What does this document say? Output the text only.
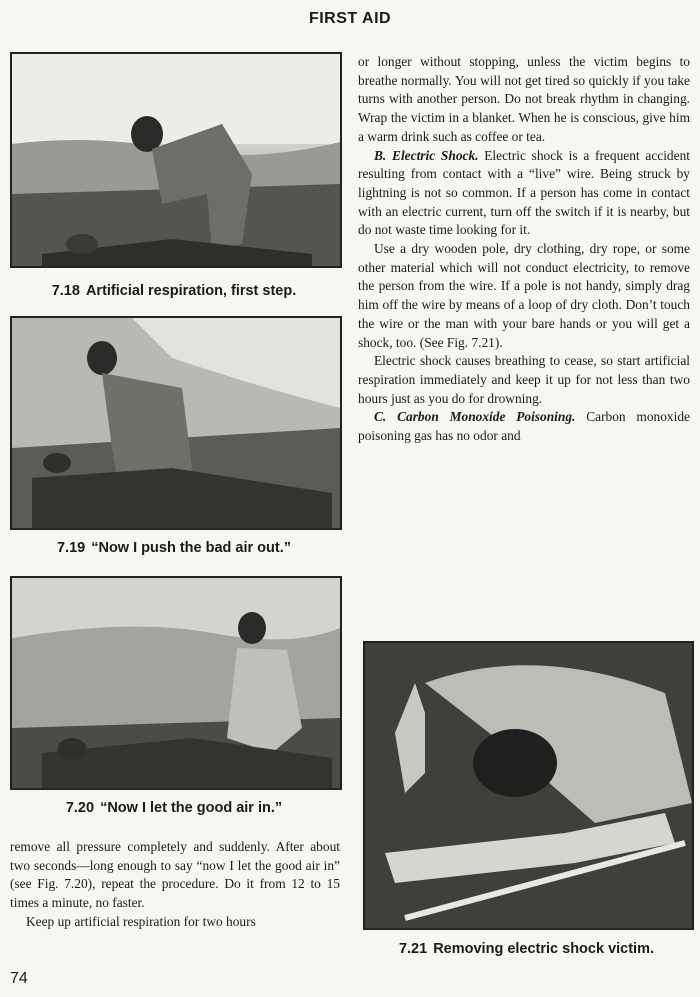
FIRST AID
7.18 Artificial respiration, first step.
7.19 “Now I push the bad air out.”
7.20 “Now I let the good air in.”
7.21 Removing electric shock victim.

remove all pressure completely and suddenly. After about two seconds—long enough to say “now I let the good air in” (see Fig. 7.20), repeat the procedure. Do it from 12 to 15 times a minute, no faster.

Keep up artificial respiration for two hours

or longer without stopping, unless the victim begins to breathe normally. You will not get tired so quickly if you take turns with another person. Do not break rhythm in changing. Wrap the victim in a blanket. When he is conscious, give him a warm drink such as coffee or tea.

B. Electric Shock. Electric shock is a frequent accident resulting from contact with a “live” wire. Being struck by lightning is not so common. If a person has come in contact with an electric current, turn off the switch if it is nearby, but do not waste time looking for it.

Use a dry wooden pole, dry clothing, dry rope, or some other material which will not conduct electricity, to remove the person from the wire. If a pole is not handy, simply drag him off the wire by means of a loop of dry cloth. Don’t touch the wire or the man with your bare hands or you will get a shock, too. (See Fig. 7.21).

Electric shock causes breathing to cease, so start artificial respiration immediately and keep it up for not less than two hours just as you do for drowning.

C. Carbon Monoxide Poisoning. Carbon monoxide poisoning gas has no odor and

74
